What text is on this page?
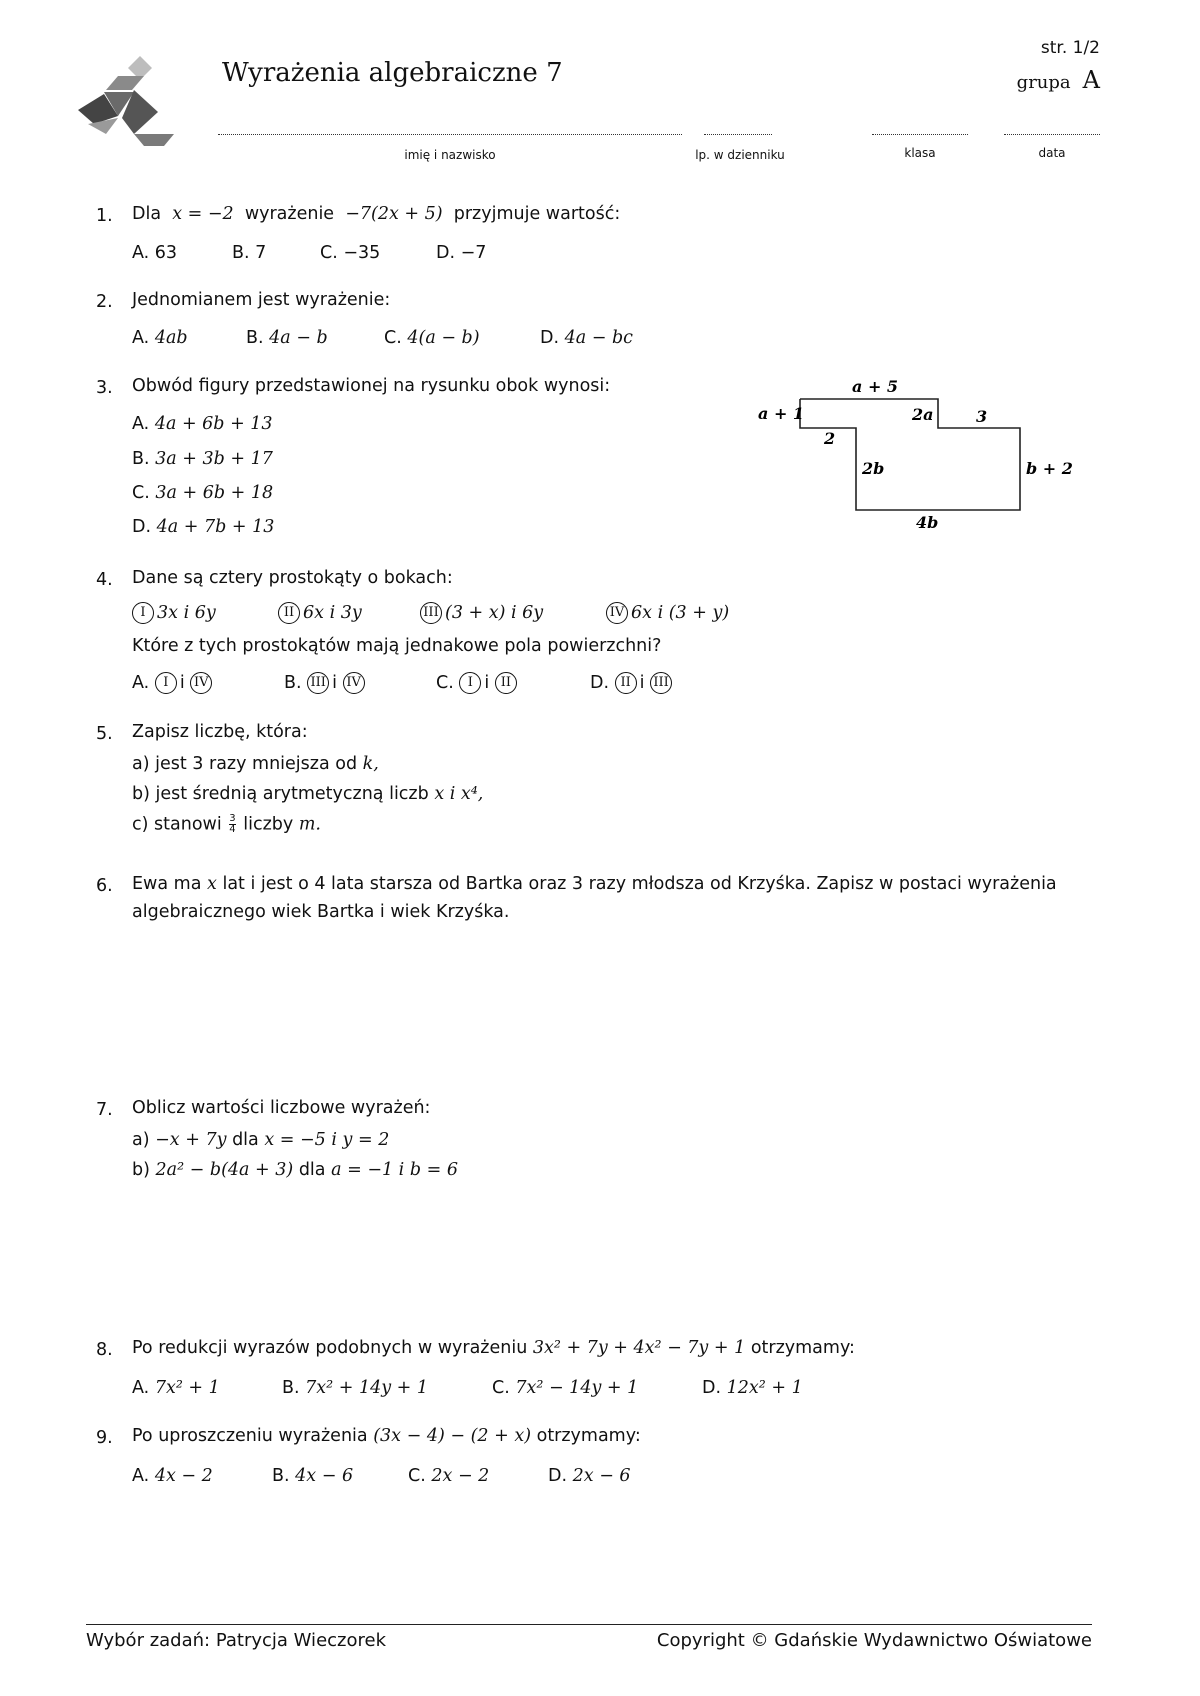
Wyrażenia algebraiczne 7
str. 1/2
grupa A
imię i nazwisko	lp. w dzienniku	klasa	data
1. Dla x = −2 wyrażenie −7(2x + 5) przyjmuje wartość:
A. 63	B. 7	C. −35	D. −7
2. Jednomianem jest wyrażenie:
A. 4ab	B. 4a − b	C. 4(a − b)	D. 4a − bc
3. Obwód figury przedstawionej na rysunku obok wynosi:
A. 4a + 6b + 13
B. 3a + 3b + 17
C. 3a + 6b + 18
D. 4a + 7b + 13
a + 5
a + 1	2a	3
2
2b	b + 2
4b
4. Dane są cztery prostokąty o bokach:
I 3x i 6y	II 6x i 3y	III (3 + x) i 6y	IV 6x i (3 + y)
Które z tych prostokątów mają jednakowe pola powierzchni?
A. I i IV	B. III i IV	C. I i II	D. II i III
5. Zapisz liczbę, która:
a) jest 3 razy mniejsza od k,
b) jest średnią arytmetyczną liczb x i x⁴,
c) stanowi $\frac{3}{4}$ liczby m.
6. Ewa ma x lat i jest o 4 lata starsza od Bartka oraz 3 razy młodsza od Krzyśka. Zapisz w postaci wyrażenia
algebraicznego wiek Bartka i wiek Krzyśka.
7. Oblicz wartości liczbowe wyrażeń:
a) −x + 7y dla x = −5 i y = 2
b) 2a² − b(4a + 3) dla a = −1 i b = 6
8. Po redukcji wyrazów podobnych w wyrażeniu 3x² + 7y + 4x² − 7y + 1 otrzymamy:
A. 7x² + 1	B. 7x² + 14y + 1	C. 7x² − 14y + 1	D. 12x² + 1
9. Po uproszczeniu wyrażenia (3x − 4) − (2 + x) otrzymamy:
A. 4x − 2	B. 4x − 6	C. 2x − 2	D. 2x − 6
Wybór zadań: Patrycja Wieczorek	Copyright © Gdańskie Wydawnictwo Oświatowe
